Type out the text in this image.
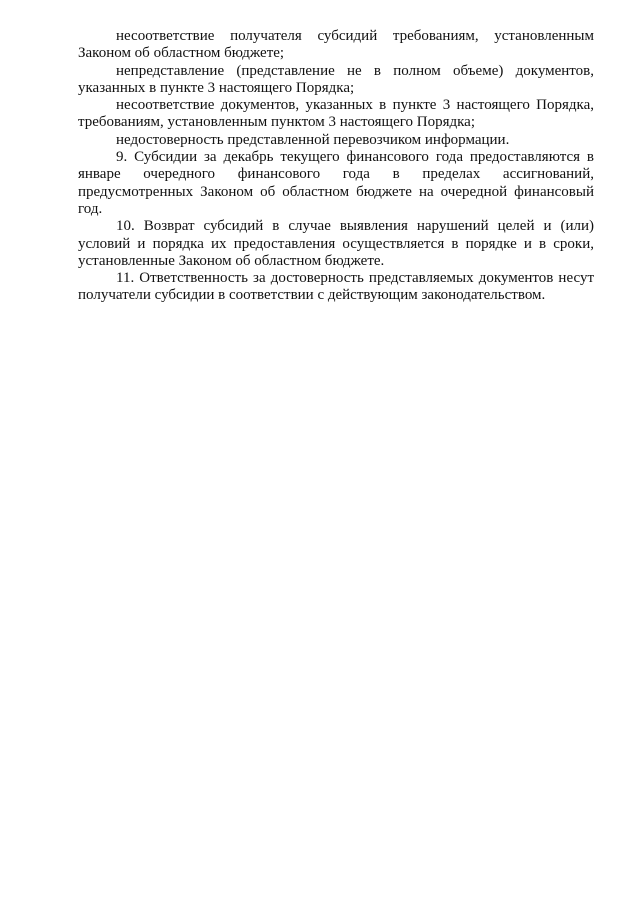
несоответствие получателя субсидий требованиям, установленным Законом об областном бюджете;

непредставление (представление не в полном объеме) документов, указанных в пункте 3 настоящего Порядка;

несоответствие документов, указанных в пункте 3 настоящего Порядка, требованиям, установленным пунктом 3 настоящего Порядка;

недостоверность представленной перевозчиком информации.

9. Субсидии за декабрь текущего финансового года предоставляются в январе очередного финансового года в пределах ассигнований, предусмотренных Законом об областном бюджете на очередной финансовый год.

10. Возврат субсидий в случае выявления нарушений целей и (или) условий и порядка их предоставления осуществляется в порядке и в сроки, установленные Законом об областном бюджете.

11. Ответственность за достоверность представляемых документов несут получатели субсидии в соответствии с действующим законодательством.
